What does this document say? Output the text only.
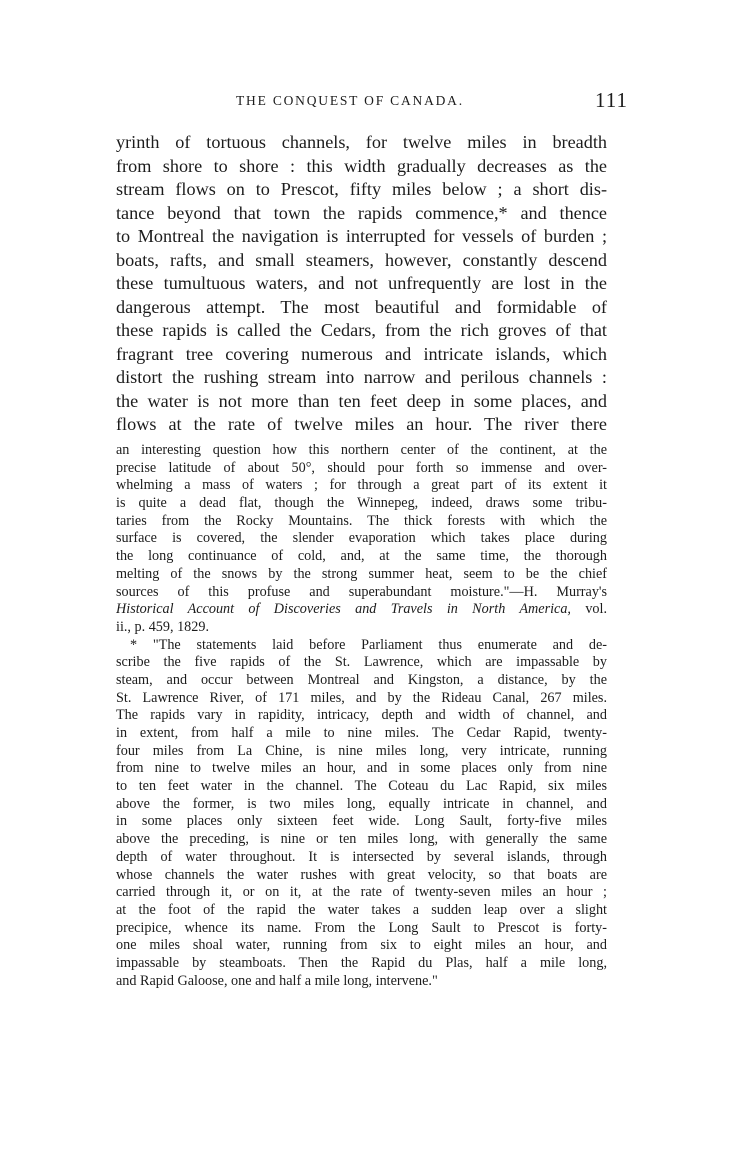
THE CONQUEST OF CANADA.	111
yrinth of tortuous channels, for twelve miles in breadth
from shore to shore : this width gradually decreases as the
stream flows on to Prescot, fifty miles below ; a short dis-
tance beyond that town the rapids commence,* and thence
to Montreal the navigation is interrupted for vessels of burden ;
boats, rafts, and small steamers, however, constantly descend
these tumultuous waters, and not unfrequently are lost in the
dangerous attempt. The most beautiful and formidable of
these rapids is called the Cedars, from the rich groves of that
fragrant tree covering numerous and intricate islands, which
distort the rushing stream into narrow and perilous channels :
the water is not more than ten feet deep in some places, and
flows at the rate of twelve miles an hour. The river there
an interesting question how this northern center of the continent, at the
precise latitude of about 50°, should pour forth so immense and over-
whelming a mass of waters ; for through a great part of its extent it
is quite a dead flat, though the Winnepeg, indeed, draws some tribu-
taries from the Rocky Mountains. The thick forests with which the
surface is covered, the slender evaporation which takes place during
the long continuance of cold, and, at the same time, the thorough
melting of the snows by the strong summer heat, seem to be the chief
sources of this profuse and superabundant moisture."—H. Murray's
Historical Account of Discoveries and Travels in North America, vol.
ii., p. 459, 1829.
* "The statements laid before Parliament thus enumerate and de-
scribe the five rapids of the St. Lawrence, which are impassable by
steam, and occur between Montreal and Kingston, a distance, by the
St. Lawrence River, of 171 miles, and by the Rideau Canal, 267 miles.
The rapids vary in rapidity, intricacy, depth and width of channel, and
in extent, from half a mile to nine miles. The Cedar Rapid, twenty-
four miles from La Chine, is nine miles long, very intricate, running
from nine to twelve miles an hour, and in some places only from nine
to ten feet water in the channel. The Coteau du Lac Rapid, six miles
above the former, is two miles long, equally intricate in channel, and
in some places only sixteen feet wide. Long Sault, forty-five miles
above the preceding, is nine or ten miles long, with generally the same
depth of water throughout. It is intersected by several islands, through
whose channels the water rushes with great velocity, so that boats are
carried through it, or on it, at the rate of twenty-seven miles an hour ;
at the foot of the rapid the water takes a sudden leap over a slight
precipice, whence its name. From the Long Sault to Prescot is forty-
one miles shoal water, running from six to eight miles an hour, and
impassable by steamboats. Then the Rapid du Plas, half a mile long,
and Rapid Galoose, one and half a mile long, intervene."
